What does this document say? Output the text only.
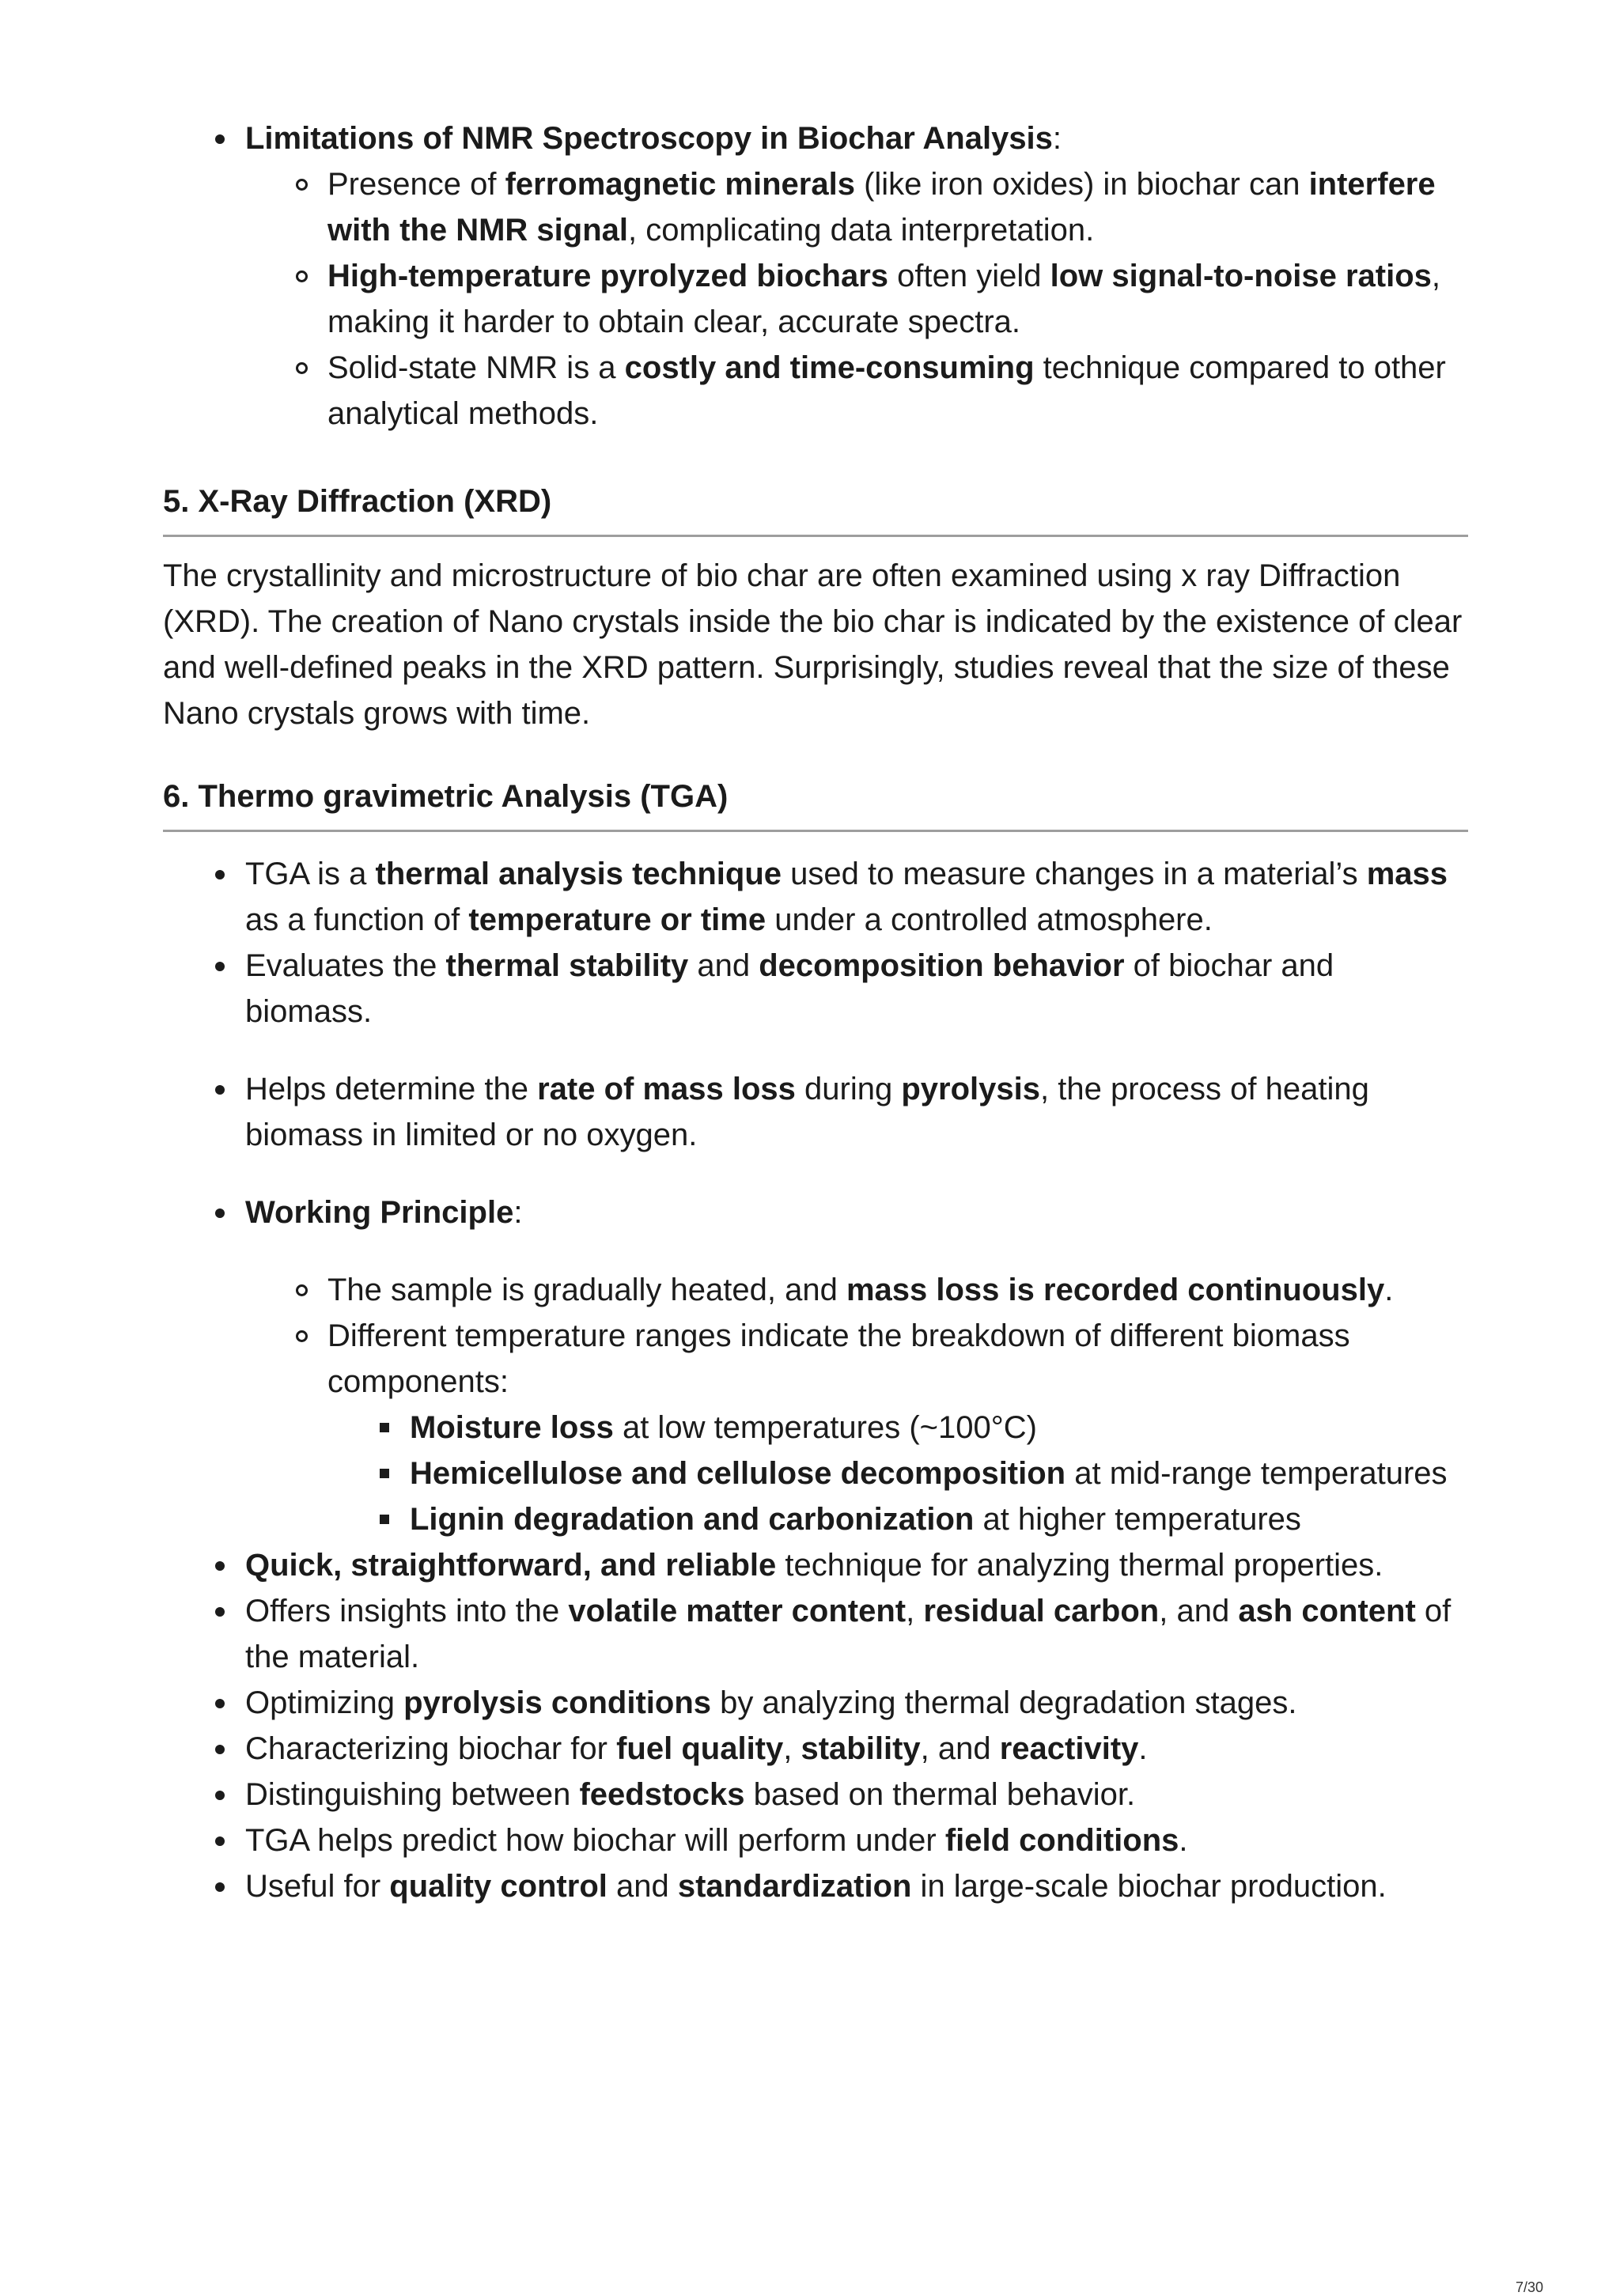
Limitations of NMR Spectroscopy in Biochar Analysis:
Presence of ferromagnetic minerals (like iron oxides) in biochar can interfere with the NMR signal, complicating data interpretation.
High-temperature pyrolyzed biochars often yield low signal-to-noise ratios, making it harder to obtain clear, accurate spectra.
Solid-state NMR is a costly and time-consuming technique compared to other analytical methods.
5. X-Ray Diffraction (XRD)

The crystallinity and microstructure of bio char are often examined using x ray Diffraction (XRD). The creation of Nano crystals inside the bio char is indicated by the existence of clear and well-defined peaks in the XRD pattern. Surprisingly, studies reveal that the size of these Nano crystals grows with time.

6. Thermo gravimetric Analysis (TGA)
TGA is a thermal analysis technique used to measure changes in a material’s mass as a function of temperature or time under a controlled atmosphere.
Evaluates the thermal stability and decomposition behavior of biochar and biomass.
Helps determine the rate of mass loss during pyrolysis, the process of heating biomass in limited or no oxygen.
Working Principle:
The sample is gradually heated, and mass loss is recorded continuously.
Different temperature ranges indicate the breakdown of different biomass components:
Moisture loss at low temperatures (~100°C)
Hemicellulose and cellulose decomposition at mid-range temperatures
Lignin degradation and carbonization at higher temperatures
Quick, straightforward, and reliable technique for analyzing thermal properties.
Offers insights into the volatile matter content, residual carbon, and ash content of the material.
Optimizing pyrolysis conditions by analyzing thermal degradation stages.
Characterizing biochar for fuel quality, stability, and reactivity.
Distinguishing between feedstocks based on thermal behavior.
TGA helps predict how biochar will perform under field conditions.
Useful for quality control and standardization in large-scale biochar production.
7/30
